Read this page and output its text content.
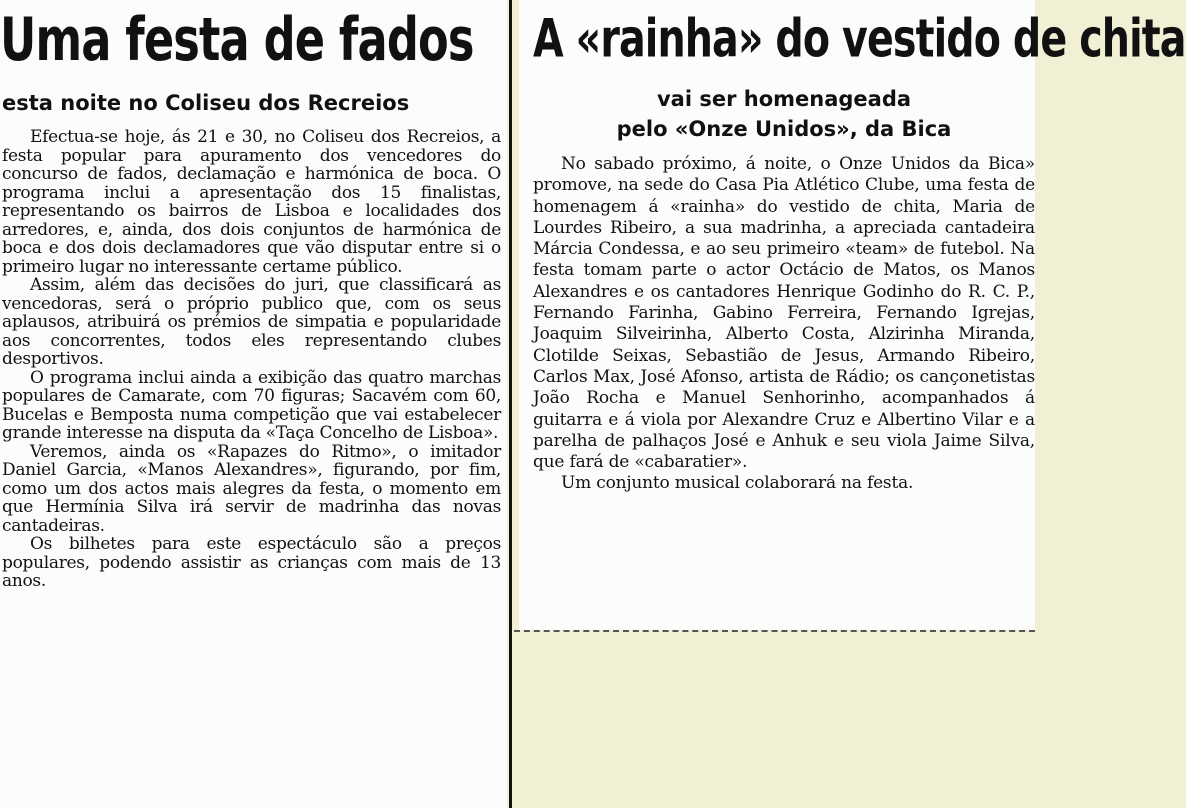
Uma festa de fados
esta noite no Coliseu dos Recreios

Efectua-se hoje, ás 21 e 30, no Coliseu dos Recreios, a festa popular para apuramento dos vencedores do concurso de fados, declamação e harmónica de boca. O programa inclui a apresentação dos 15 finalistas, representando os bairros de Lisboa e localidades dos arredores, e, ainda, dos dois conjuntos de harmónica de boca e dos dois declamadores que vão disputar entre si o primeiro lugar no interessante certame público.

Assim, além das decisões do juri, que classificará as vencedoras, será o próprio publico que, com os seus aplausos, atribuirá os prémios de simpatia e popularidade aos concorrentes, todos eles representando clubes desportivos.

O programa inclui ainda a exibição das quatro marchas populares de Camarate, com 70 figuras; Sacavém com 60, Bucelas e Bemposta numa competição que vai estabelecer grande interesse na disputa da «Taça Concelho de Lisboa».

Veremos, ainda os «Rapazes do Ritmo», o imitador Daniel Garcia, «Manos Alexandres», figurando, por fim, como um dos actos mais alegres da festa, o momento em que Hermínia Silva irá servir de madrinha das novas cantadeiras.

Os bilhetes para este espectáculo são a preços populares, podendo assistir as crianças com mais de 13 anos.

A «rainha» do vestido de chita
vai ser homenageada
pelo «Onze Unidos», da Bica

No sabado próximo, á noite, o Onze Unidos da Bica» promove, na sede do Casa Pia Atlético Clube, uma festa de homenagem á «rainha» do vestido de chita, Maria de Lourdes Ribeiro, a sua madrinha, a apreciada cantadeira Márcia Condessa, e ao seu primeiro «team» de futebol. Na festa tomam parte o actor Octácio de Matos, os Manos Alexandres e os cantadores Henrique Godinho do R. C. P., Fernando Farinha, Gabino Ferreira, Fernando Igrejas, Joaquim Silveirinha, Alberto Costa, Alzirinha Miranda, Clotilde Seixas, Sebastião de Jesus, Armando Ribeiro, Carlos Max, José Afonso, artista de Rádio; os cançonetistas João Rocha e Manuel Senhorinho, acompanhados á guitarra e á viola por Alexandre Cruz e Albertino Vilar e a parelha de palhaços José e Anhuk e seu viola Jaime Silva, que fará de «cabaratier».

Um conjunto musical colaborará na festa.
